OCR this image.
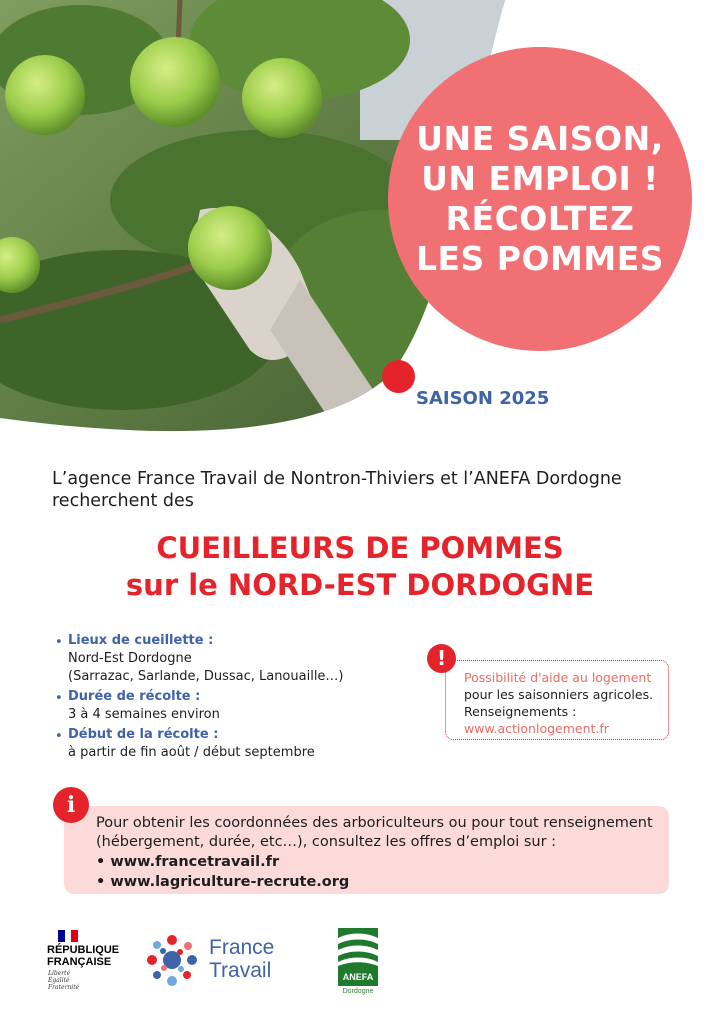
UNE SAISON,
UN EMPLOI !
RÉCOLTEZ
LES POMMES
SAISON 2025
L’agence France Travail de Nontron-Thiviers et l’ANEFA Dordogne
recherchent des
CUEILLEURS DE POMMES
sur le NORD-EST DORDOGNE
• Lieux de cueillette :
Nord-Est Dordogne
(Sarrazac, Sarlande, Dussac, Lanouaille…)
• Durée de récolte :
3 à 4 semaines environ
• Début de la récolte :
à partir de fin août / début septembre
Possibilité d'aide au logement
pour les saisonniers agricoles.
Renseignements :
www.actionlogement.fr
!
Pour obtenir les coordonnées des arboriculteurs ou pour tout renseignement
(hébergement, durée, etc…), consultez les offres d’emploi sur :
• www.francetravail.fr
• www.lagriculture-recrute.org
i
RÉPUBLIQUE
FRANÇAISE
Liberté
Égalité
Fraternité
France
Travail	ANEFA
Dordogne
